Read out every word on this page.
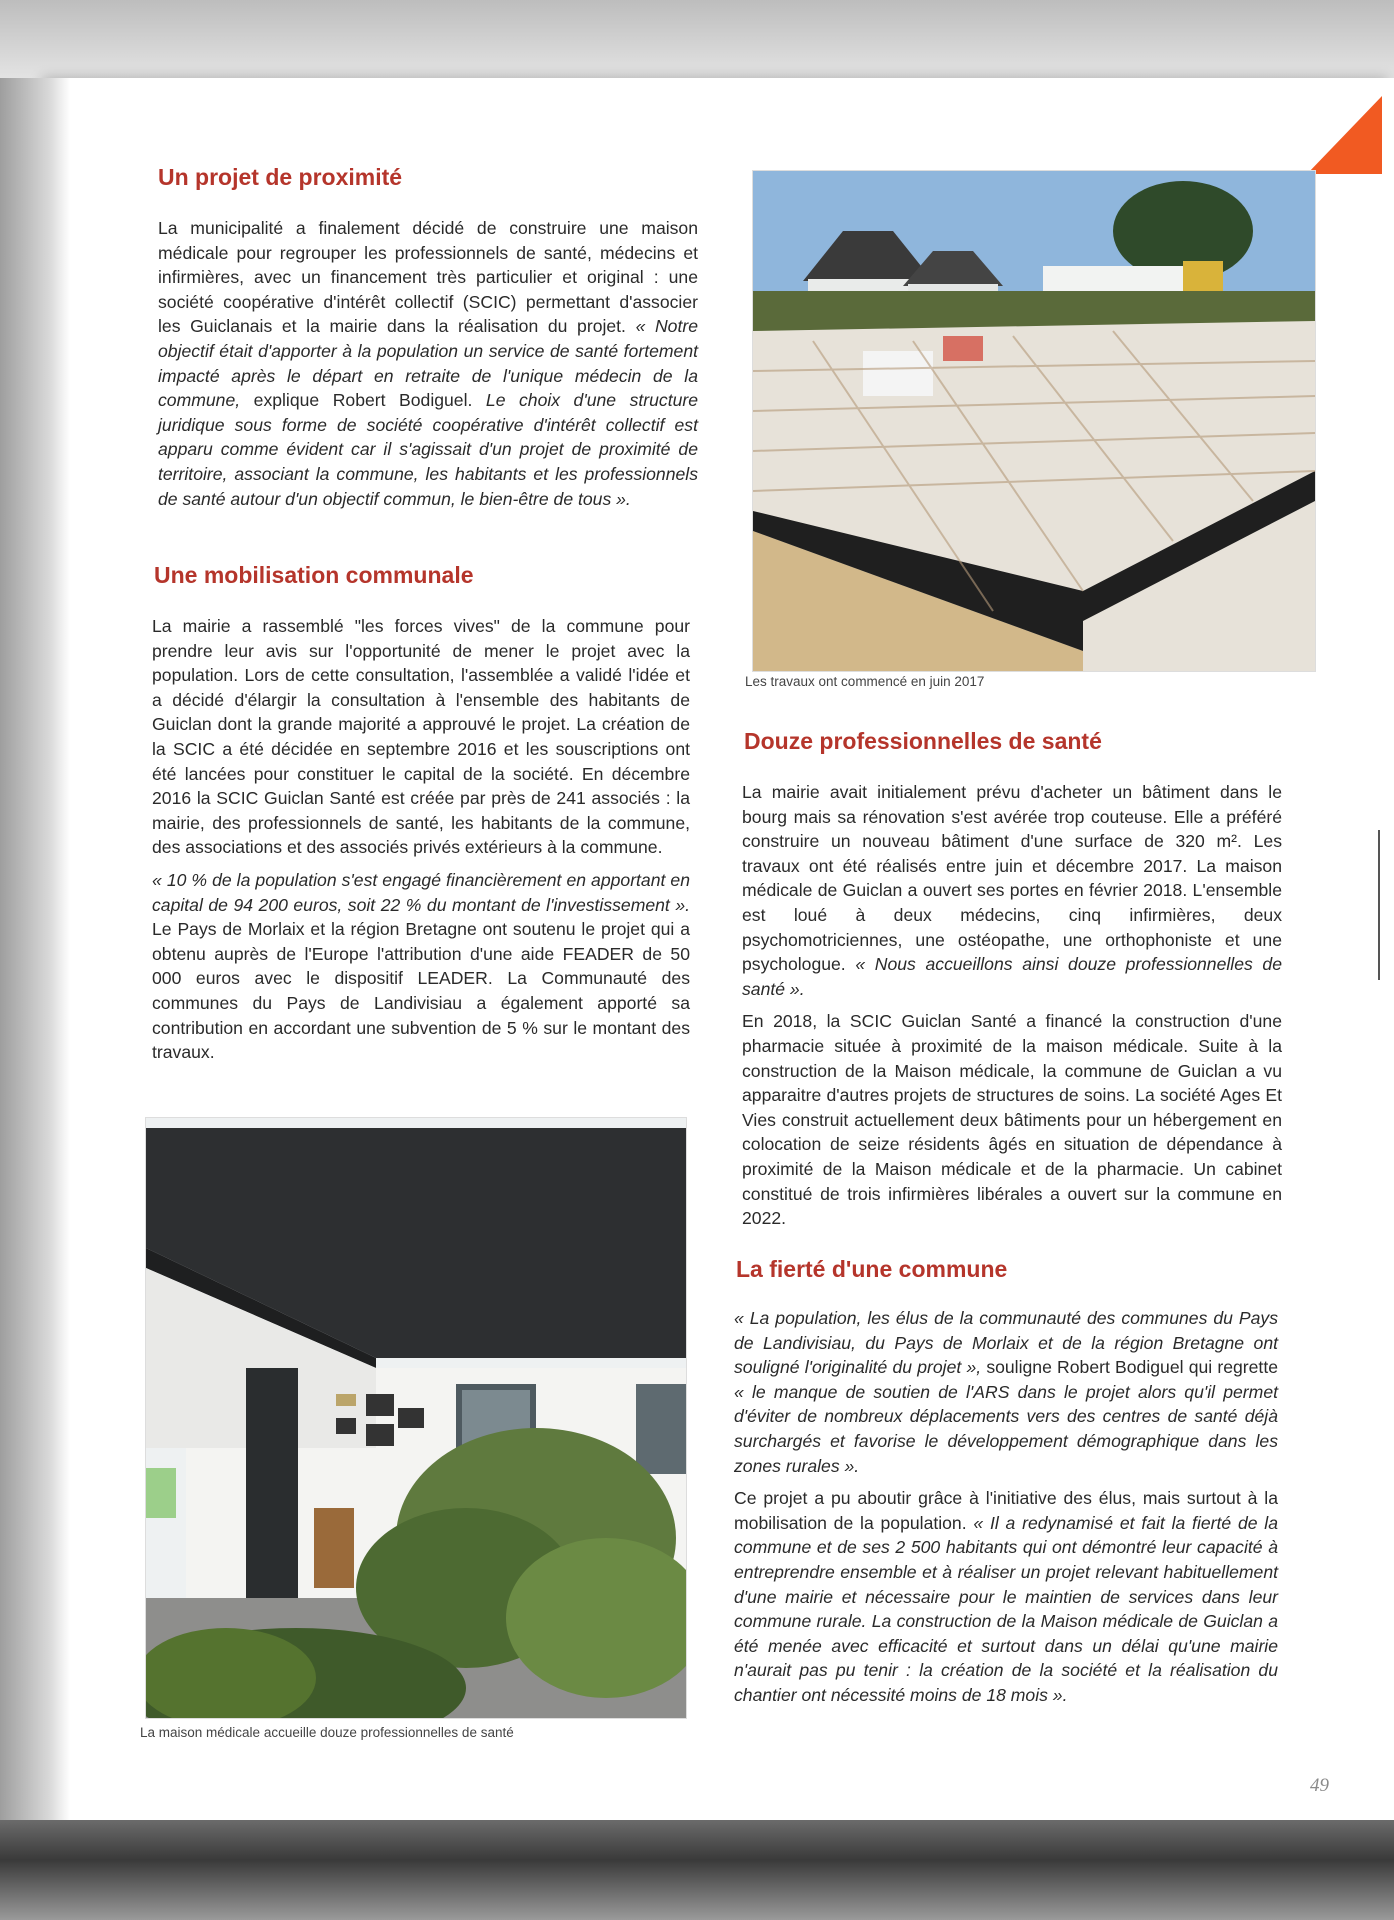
Un projet de proximité

La municipalité a finalement décidé de construire une maison médicale pour regrouper les professionnels de santé, médecins et infirmières, avec un financement très particulier et original : une société coopérative d'intérêt collectif (SCIC) permettant d'associer les Guiclanais et la mairie dans la réalisation du projet. « Notre objectif était d'apporter à la population un service de santé fortement impacté après le départ en retraite de l'unique médecin de la commune, explique Robert Bodiguel. Le choix d'une structure juridique sous forme de société coopérative d'intérêt collectif est apparu comme évident car il s'agissait d'un projet de proximité de territoire, associant la commune, les habitants et les professionnels de santé autour d'un objectif commun, le bien-être de tous ».

Une mobilisation communale

La mairie a rassemblé "les forces vives" de la commune pour prendre leur avis sur l'opportunité de mener le projet avec la population. Lors de cette consultation, l'assemblée a validé l'idée et a décidé d'élargir la consultation à l'ensemble des habitants de Guiclan dont la grande majorité a approuvé le projet. La création de la SCIC a été décidée en septembre 2016 et les souscriptions ont été lancées pour constituer le capital de la société. En décembre 2016 la SCIC Guiclan Santé est créée par près de 241 associés : la mairie, des professionnels de santé, les habitants de la commune, des associations et des associés privés extérieurs à la commune.

« 10 % de la population s'est engagé financièrement en apportant en capital de 94 200 euros, soit 22 % du montant de l'investissement ». Le Pays de Morlaix et la région Bretagne ont soutenu le projet qui a obtenu auprès de l'Europe l'attribution d'une aide FEADER de 50 000 euros avec le dispositif LEADER. La Communauté des communes du Pays de Landivisiau a également apporté sa contribution en accordant une subvention de 5 % sur le montant des travaux.

La maison médicale accueille douze professionnelles de santé
Les travaux ont commencé en juin 2017
Douze professionnelles de santé

La mairie avait initialement prévu d'acheter un bâtiment dans le bourg mais sa rénovation s'est avérée trop couteuse. Elle a préféré construire un nouveau bâtiment d'une surface de 320 m². Les travaux ont été réalisés entre juin et décembre 2017. La maison médicale de Guiclan a ouvert ses portes en février 2018. L'ensemble est loué à deux médecins, cinq infirmières, deux psychomotriciennes, une ostéopathe, une orthophoniste et une psychologue. « Nous accueillons ainsi douze professionnelles de santé ».

En 2018, la SCIC Guiclan Santé a financé la construction d'une pharmacie située à proximité de la maison médicale. Suite à la construction de la Maison médicale, la commune de Guiclan a vu apparaitre d'autres projets de structures de soins. La société Ages Et Vies construit actuellement deux bâtiments pour un hébergement en colocation de seize résidents âgés en situation de dépendance à proximité de la Maison médicale et de la pharmacie. Un cabinet constitué de trois infirmières libérales a ouvert sur la commune en 2022.

La fierté d'une commune

« La population, les élus de la communauté des communes du Pays de Landivisiau, du Pays de Morlaix et de la région Bretagne ont souligné l'originalité du projet », souligne Robert Bodiguel qui regrette « le manque de soutien de l'ARS dans le projet alors qu'il permet d'éviter de nombreux déplacements vers des centres de santé déjà surchargés et favorise le développement démographique dans les zones rurales ».

Ce projet a pu aboutir grâce à l'initiative des élus, mais surtout à la mobilisation de la population. « Il a redynamisé et fait la fierté de la commune et de ses 2 500 habitants qui ont démontré leur capacité à entreprendre ensemble et à réaliser un projet relevant habituellement d'une mairie et nécessaire pour le maintien de services dans leur commune rurale. La construction de la Maison médicale de Guiclan a été menée avec efficacité et surtout dans un délai qu'une mairie n'aurait pas pu tenir : la création de la société et la réalisation du chantier ont nécessité moins de 18 mois ».

49
